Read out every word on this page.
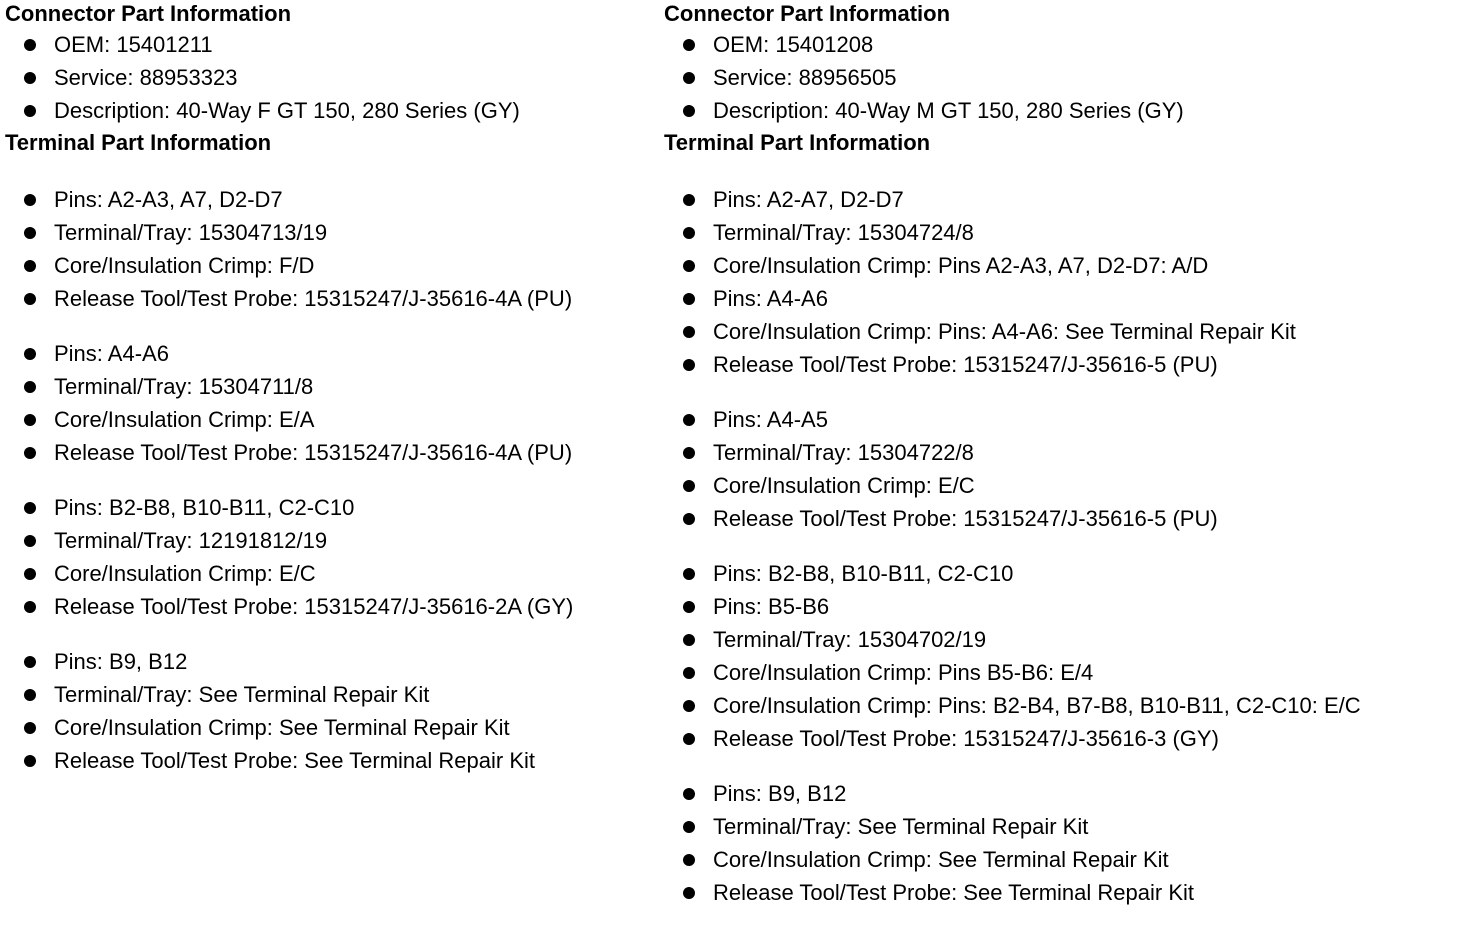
Connector Part Information
OEM: 15401211
Service: 88953323
Description: 40-Way F GT 150, 280 Series (GY)
Terminal Part Information
Pins: A2-A3, A7, D2-D7
Terminal/Tray: 15304713/19
Core/Insulation Crimp: F/D
Release Tool/Test Probe: 15315247/J-35616-4A (PU)
Pins: A4-A6
Terminal/Tray: 15304711/8
Core/Insulation Crimp: E/A
Release Tool/Test Probe: 15315247/J-35616-4A (PU)
Pins: B2-B8, B10-B11, C2-C10
Terminal/Tray: 12191812/19
Core/Insulation Crimp: E/C
Release Tool/Test Probe: 15315247/J-35616-2A (GY)
Pins: B9, B12
Terminal/Tray: See Terminal Repair Kit
Core/Insulation Crimp: See Terminal Repair Kit
Release Tool/Test Probe: See Terminal Repair Kit
Connector Part Information
OEM: 15401208
Service: 88956505
Description: 40-Way M GT 150, 280 Series (GY)
Terminal Part Information
Pins: A2-A7, D2-D7
Terminal/Tray: 15304724/8
Core/Insulation Crimp: Pins A2-A3, A7, D2-D7: A/D
Pins: A4-A6
Core/Insulation Crimp: Pins: A4-A6: See Terminal Repair Kit
Release Tool/Test Probe: 15315247/J-35616-5 (PU)
Pins: A4-A5
Terminal/Tray: 15304722/8
Core/Insulation Crimp: E/C
Release Tool/Test Probe: 15315247/J-35616-5 (PU)
Pins: B2-B8, B10-B11, C2-C10
Pins: B5-B6
Terminal/Tray: 15304702/19
Core/Insulation Crimp: Pins B5-B6: E/4
Core/Insulation Crimp: Pins: B2-B4, B7-B8, B10-B11, C2-C10: E/C
Release Tool/Test Probe: 15315247/J-35616-3 (GY)
Pins: B9, B12
Terminal/Tray: See Terminal Repair Kit
Core/Insulation Crimp: See Terminal Repair Kit
Release Tool/Test Probe: See Terminal Repair Kit
